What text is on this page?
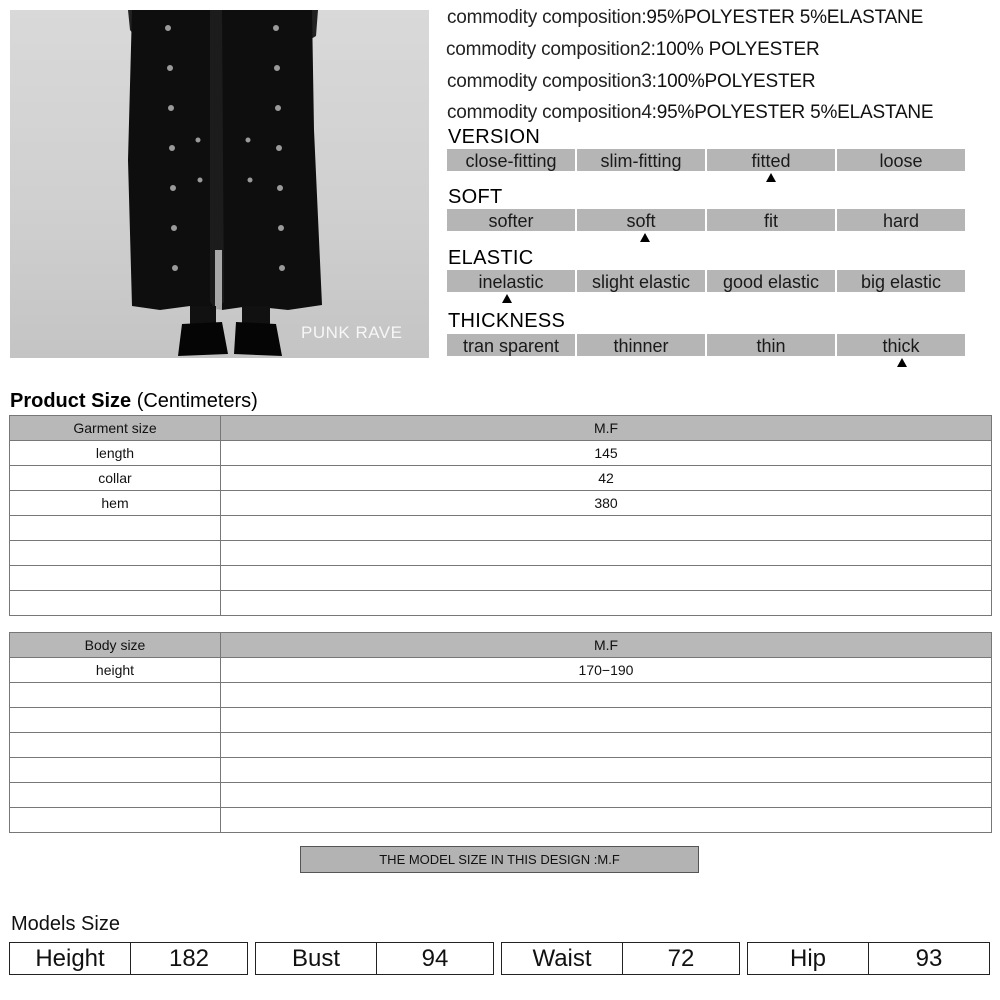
PUNK RAVE
commodity composition:95%POLYESTER 5%ELASTANE
commodity composition2:100% POLYESTER
commodity composition3:100%POLYESTER
commodity composition4:95%POLYESTER 5%ELASTANE
VERSION
close‑fitting	slim‑fitting	fitted	loose
SOFT
softer	soft	fit	hard
ELASTIC
inelastic	slight elastic	good elastic	big elastic
THICKNESS
tran sparent	thinner	thin	thick
Product Size (Centimeters)
Garment size	M.F
length	145
collar	42
hem	380

Body size	M.F
height	170−190

THE MODEL SIZE IN THIS DESIGN :M.F
Models Size
Height	182	Bust	94	Waist	72	Hip	93
